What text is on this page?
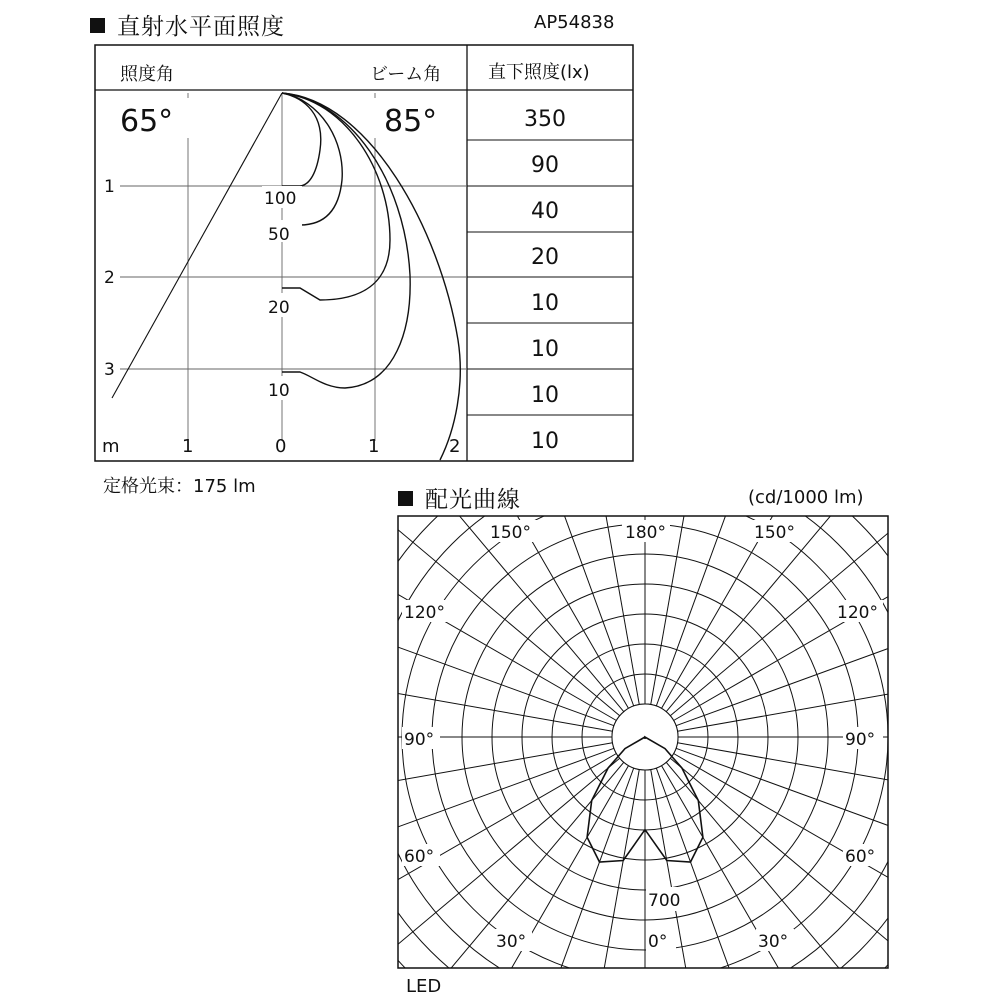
直射水平面照度	AP54838
定格光束：175 lm
配光曲線	(cd/1000 lm)
LED
照度角	ビーム角	直下照度(lx)
65°	85°
1
2
3
m	1	0	1	2
100
50
20
10
350
90
40
20
10
10
10
10
150°	180°	150°
120°	120°
90°	90°
60°	60°
30°	0°	30°
700
